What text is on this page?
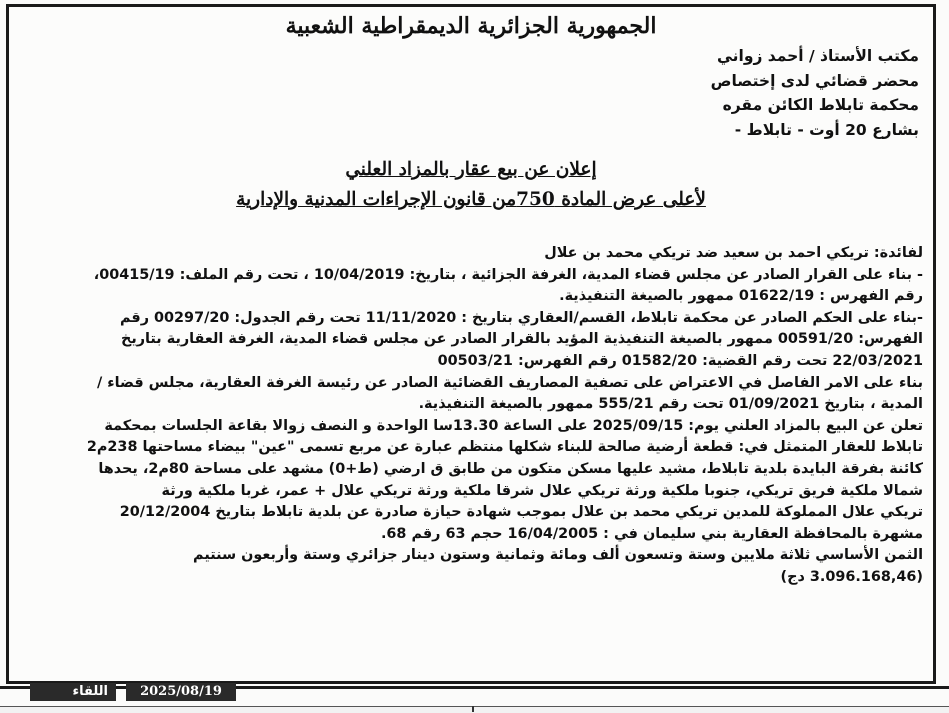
الجمهورية الجزائرية الديمقراطية الشعبية
مكتب الأستاذ / أحمد زواني
محضر قضائي لدى إختصاص
محكمة تابلاط الكائن مقره
بشارع 20 أوت - تابلاط -
إعلان عن بيع عقار بالمزاد العلني
لأعلى عرض المادة 750من قانون الإجراءات المدنية والإدارية

لفائدة: تريكي احمد بن سعيد ضد تريكي محمد بن علال

- بناء على القرار الصادر عن مجلس قضاء المدية، الغرفة الجزائية ، بتاريخ: 10/04/2019 ، تحت رقم الملف: 00415/19،

رقم الفهرس : 01622/19 ممهور بالصيغة التنفيذية.

-بناء على الحكم الصادر عن محكمة تابلاط، القسم/العقاري بتاريخ : 11/11/2020 تحت رقم الجدول: 00297/20 رقم

الفهرس: 00591/20 ممهور بالصيغة التنفيذية المؤيد بالقرار الصادر عن مجلس قضاء المدية، الغرفة العقارية بتاريخ

22/03/2021 تحت رقم القضية: 01582/20 رقم الفهرس: 00503/21

بناء على الامر الفاصل في الاعتراض على تصفية المصاريف القضائية الصادر عن رئيسة الغرفة العقارية، مجلس قضاء /

المدية ، بتاريخ 01/09/2021 تحت رقم 555/21 ممهور بالصيغة التنفيذية.

تعلن عن البيع بالمزاد العلني يوم: 2025/09/15 على الساعة 13.30سا الواحدة و النصف زوالا بقاعة الجلسات بمحكمة

تابلاط للعقار المتمثل في: قطعة أرضية صالحة للبناء شكلها منتظم عبارة عن مربع تسمى "عين" بيضاء مساحتها 238م2

كائنة بفرقة البايدة بلدية تابلاط، مشيد عليها مسكن متكون من طابق ق ارضي (ط+0) مشهد على مساحة 80م2، يحدها

شمالا ملكية فريق تريكي، جنوبا ملكية ورثة تريكي علال شرقا ملكية ورثة تريكي علال + عمر، غربا ملكية ورثة

تريكي علال المملوكة للمدين تريكي محمد بن علال بموجب شهادة حيازة صادرة عن بلدية تابلاط بتاريخ 20/12/2004

مشهرة بالمحافظة العقارية بني سليمان في : 16/04/2005 حجم 63 رقم 68.

الثمن الأساسي ثلاثة ملايين وستة وتسعون ألف ومائة وثمانية وستون دينار جزائري وستة وأربعون سنتيم

(3.096.168,46 دج)

2025/08/19
اللقاء
